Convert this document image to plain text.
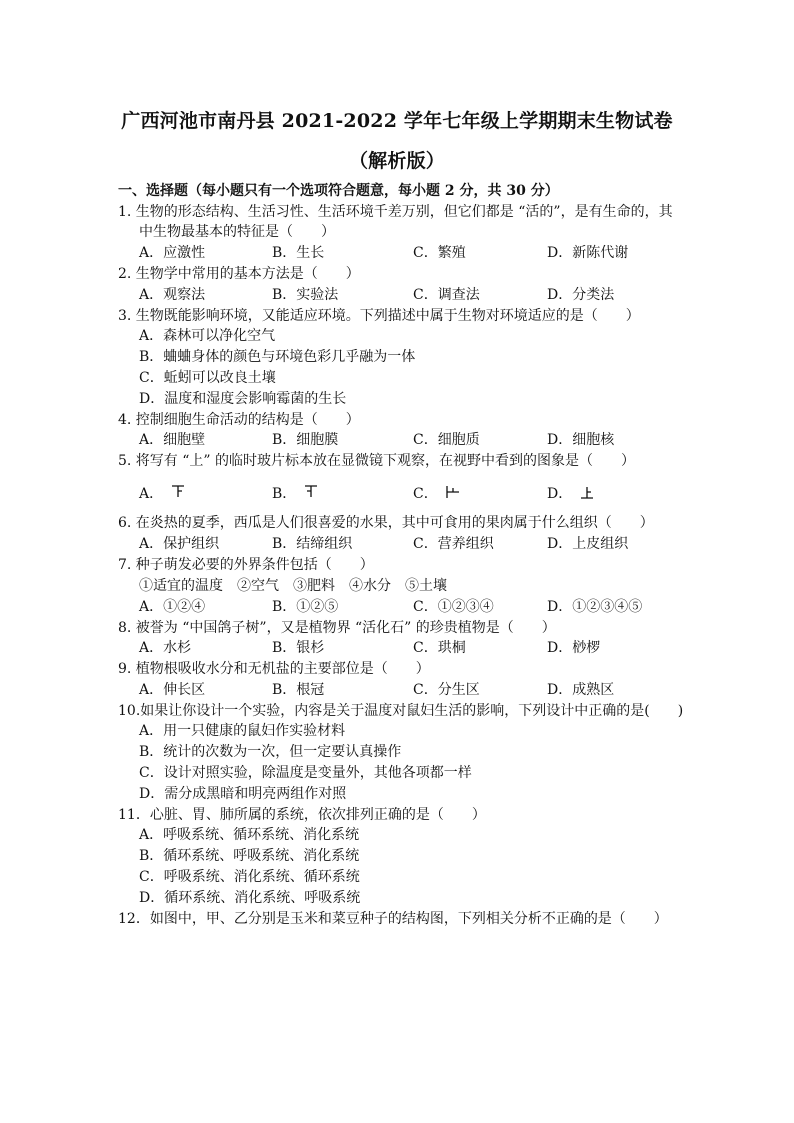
广西河池市南丹县 2021-2022 学年七年级上学期期末生物试卷
（解析版）
一、选择题（每小题只有一个选项符合题意，每小题 2 分，共 30 分）
1. 生物的形态结构、生活习性、生活环境千差万别，但它们都是 “活的”，是有生命的，其
中生物最基本的特征是（　　）
A．应激性	B．生长	C．繁殖	D．新陈代谢
2. 生物学中常用的基本方法是（　　）
A．观察法	B．实验法	C．调查法	D．分类法
3. 生物既能影响环境，又能适应环境。下列描述中属于生物对环境适应的是（　　）
A．森林可以净化空气
B．蛐蛐身体的颜色与环境色彩几乎融为一体
C．蚯蚓可以改良土壤
D．温度和湿度会影响霉菌的生长
4. 控制细胞生命活动的结构是（　　）
A．细胞壁	B．细胞膜	C．细胞质	D．细胞核
5. 将写有 “上” 的临时玻片标本放在显微镜下观察，在视野中看到的图象是（　　）
A．	B．	C．	D．
6. 在炎热的夏季，西瓜是人们很喜爱的水果，其中可食用的果肉属于什么组织（　　）
A．保护组织	B．结缔组织	C．营养组织	D．上皮组织
7. 种子萌发必要的外界条件包括（　　）
①适宜的温度　②空气　③肥料　④水分　⑤土壤
A．①②④	B．①②⑤	C．①②③④	D．①②③④⑤
8. 被誉为 “中国鸽子树”，又是植物界 “活化石” 的珍贵植物是（　　）
A．水杉	B．银杉	C．珙桐	D．桫椤
9. 植物根吸收水分和无机盐的主要部位是（　　）
A．伸长区	B．根冠	C．分生区	D．成熟区
10.如果让你设计一个实验，内容是关于温度对鼠妇生活的影响，下列设计中正确的是(　　)
A．用一只健康的鼠妇作实验材料
B．统计的次数为一次，但一定要认真操作
C．设计对照实验，除温度是变量外，其他各项都一样
D．需分成黑暗和明亮两组作对照
11．心脏、胃、肺所属的系统，依次排列正确的是（　　）
A．呼吸系统、循环系统、消化系统
B．循环系统、呼吸系统、消化系统
C．呼吸系统、消化系统、循环系统
D．循环系统、消化系统、呼吸系统
12．如图中，甲、乙分别是玉米和菜豆种子的结构图，下列相关分析不正确的是（　　）
